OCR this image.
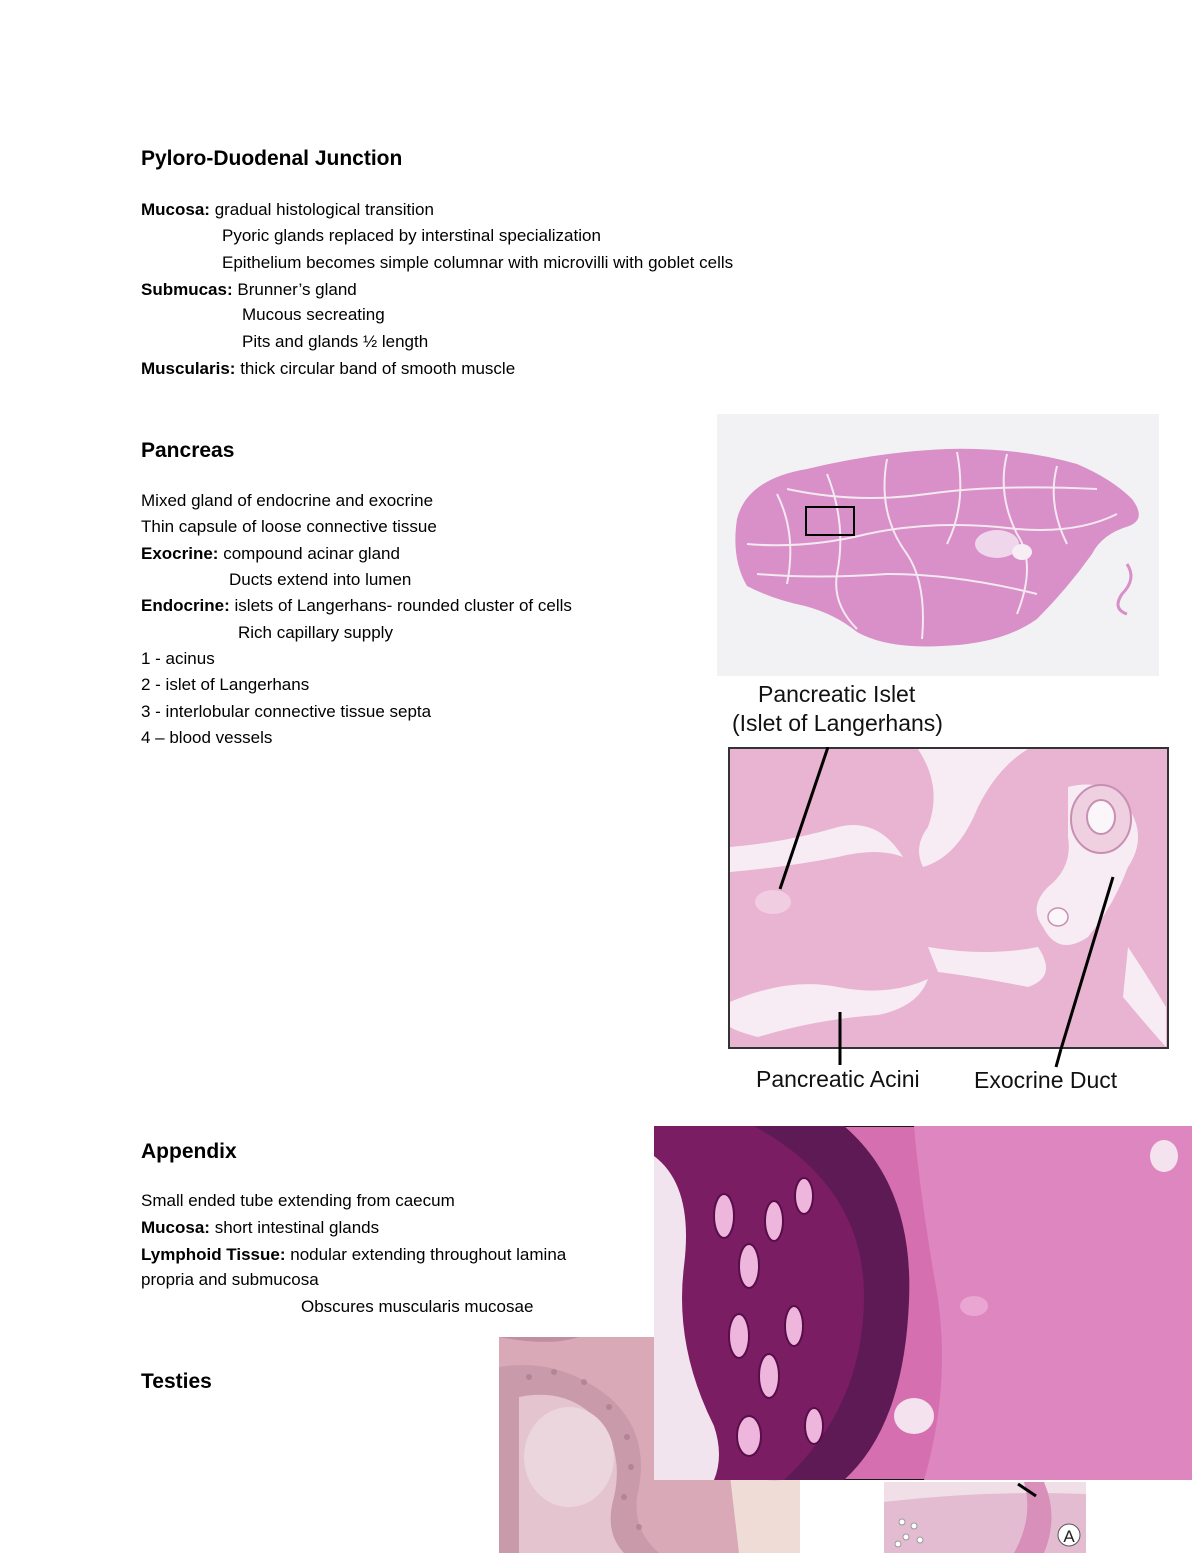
Pyloro-Duodenal Junction
Mucosa: gradual histological transition
Pyoric glands replaced by interstinal specialization
Epithelium becomes simple columnar with microvilli with goblet cells
Submucas: Brunner’s gland
Mucous secreating
Pits and glands ½ length
Muscularis: thick circular band of smooth muscle
Pancreas
Mixed gland of endocrine and exocrine
Thin capsule of loose connective tissue
Exocrine: compound acinar gland
Ducts extend into lumen
Endocrine: islets of Langerhans- rounded cluster of cells
Rich capillary supply
1 - acinus
2 - islet of Langerhans
3 - interlobular connective tissue septa
4 – blood vessels
Pancreatic Islet
(Islet of Langerhans)
Pancreatic Acini Exocrine Duct
Appendix
Small ended tube extending from caecum
Mucosa: short intestinal glands
Lymphoid Tissue: nodular extending throughout lamina
propria and submucosa
Obscures muscularis mucosae
Testies
A
